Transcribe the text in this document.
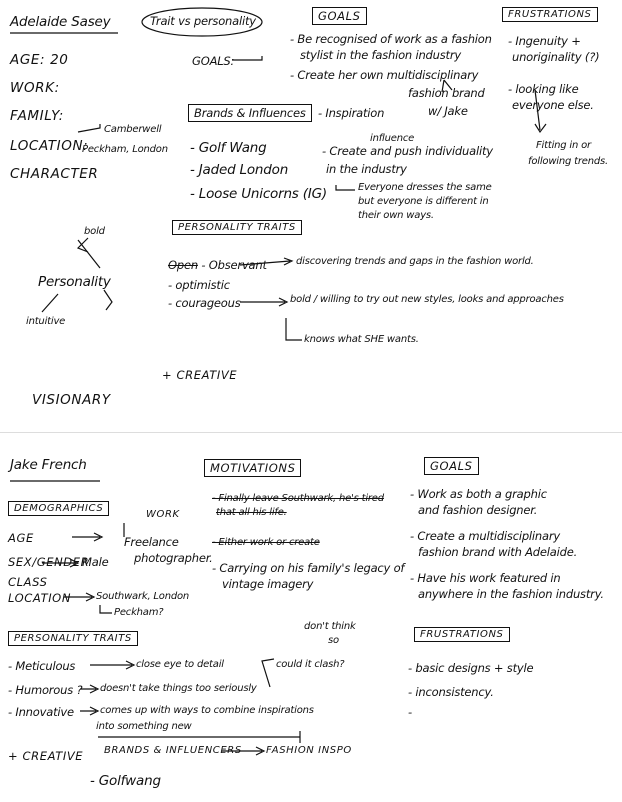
Adelaide Sasey	Trait vs personality	GOALS	FRUSTRATIONS
GOALS:
AGE: 20
WORK:
FAMILY:
LOCATION:
Peckham, London
Camberwell
CHARACTER
- Be recognised of work as a fashion
stylist in the fashion industry
- Create her own multidisciplinary
fashion brand
w/ Jake
- Ingenuity +
unoriginality (?)
- looking like
everyone else.
Fitting in or
following trends.
Brands & Influences	- Inspiration
- Golf Wang
- Jaded London
- Loose Unicorns (IG)
influence
- Create and push individuality
in the industry
Everyone dresses the same
but everyone is different in
their own ways.
PERSONALITY TRAITS
Open - Observant	discovering trends and gaps in the fashion world.
- optimistic
- courageous	bold / willing to try out new styles, looks and approaches
knows what SHE wants.
+ CREATIVE
bold
Personality
intuitive
VISIONARY
Jake French	MOTIVATIONS	GOALS
DEMOGRAPHICS
WORK
Freelance
photographer.
AGE
SEX/GENDER
Male
CLASS
LOCATION Southwark, London
Peckham?
- Finally leave Southwark, he's tired
that all his life.
- Either work or create
- Carrying on his family's legacy of
vintage imagery
- Work as both a graphic
and fashion designer.
- Create a multidisciplinary
fashion brand with Adelaide.
- Have his work featured in
anywhere in the fashion industry.
PERSONALITY TRAITS
don't think
so
- Meticulous	close eye to detail
- Humorous ? doesn't take things too seriously
could it clash?
- Innovative	comes up with ways to combine inspirations
into something new
FRUSTRATIONS
- basic designs + style
- inconsistency.
-
+ CREATIVE BRANDS & INFLUENCERS FASHION INSPO
- Golfwang
